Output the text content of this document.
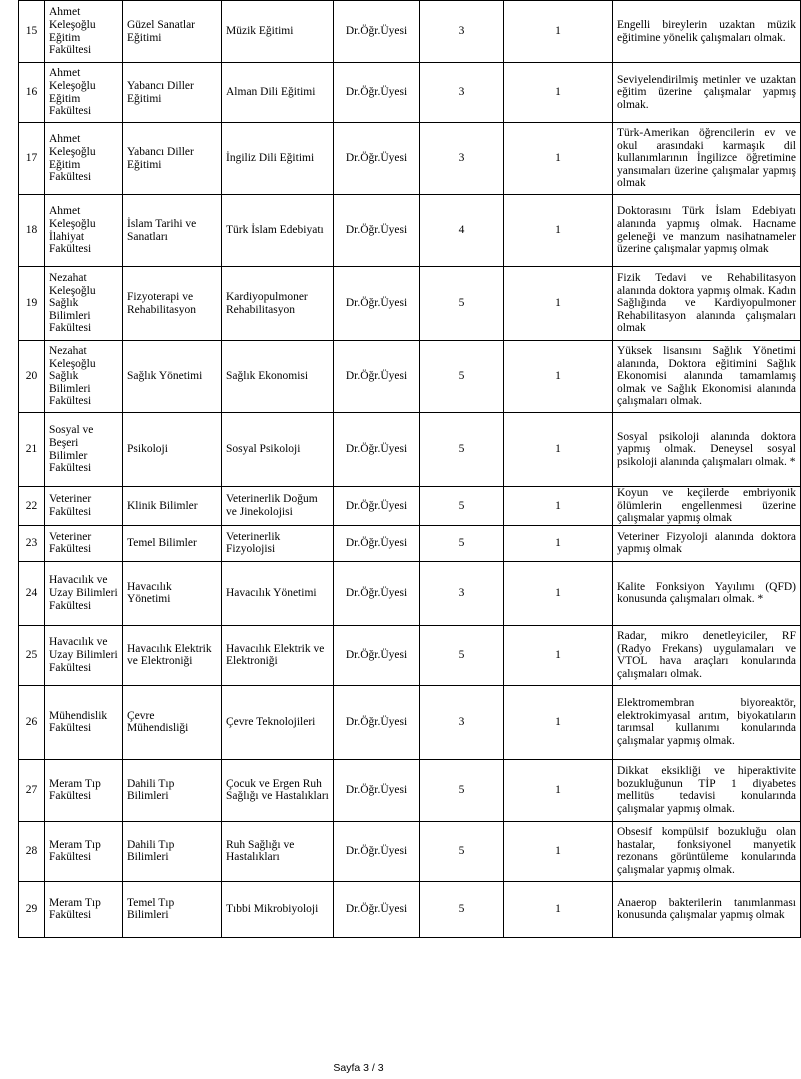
15	Ahmet Keleşoğlu Eğitim Fakültesi	Güzel Sanatlar Eğitimi	Müzik Eğitimi	Dr.Öğr.Üyesi	3	1	Engelli bireylerin uzaktan müzik eğitimine yönelik çalışmaları olmak.
16	Ahmet Keleşoğlu Eğitim Fakültesi	Yabancı Diller Eğitimi	Alman Dili Eğitimi	Dr.Öğr.Üyesi	3	1	Seviyelendirilmiş metinler ve uzaktan eğitim üzerine çalışmalar yapmış olmak.
17	Ahmet Keleşoğlu Eğitim Fakültesi	Yabancı Diller Eğitimi	İngiliz Dili Eğitimi	Dr.Öğr.Üyesi	3	1	Türk-Amerikan öğrencilerin ev ve okul arasındaki karmaşık dil kullanımlarının İngilizce öğretimine yansımaları üzerine çalışmalar yapmış olmak
18	Ahmet Keleşoğlu İlahiyat Fakültesi	İslam Tarihi ve Sanatları	Türk İslam Edebiyatı	Dr.Öğr.Üyesi	4	1	Doktorasını Türk İslam Edebiyatı alanında yapmış olmak. Hacname geleneği ve manzum nasihatnameler üzerine çalışmalar yapmış olmak
19	Nezahat Keleşoğlu Sağlık Bilimleri Fakültesi	Fizyoterapi ve Rehabilitasyon	Kardiyopulmoner Rehabilitasyon	Dr.Öğr.Üyesi	5	1	Fizik Tedavi ve Rehabilitasyon alanında doktora yapmış olmak. Kadın Sağlığında ve Kardiyopulmoner Rehabilitasyon alanında çalışmaları olmak
20	Nezahat Keleşoğlu Sağlık Bilimleri Fakültesi	Sağlık Yönetimi	Sağlık Ekonomisi	Dr.Öğr.Üyesi	5	1	Yüksek lisansını Sağlık Yönetimi alanında, Doktora eğitimini Sağlık Ekonomisi alanında tamamlamış olmak ve Sağlık Ekonomisi alanında çalışmaları olmak.
21	Sosyal ve Beşeri Bilimler Fakültesi	Psikoloji	Sosyal Psikoloji	Dr.Öğr.Üyesi	5	1	Sosyal psikoloji alanında doktora yapmış olmak. Deneysel sosyal psikoloji alanında çalışmaları olmak. *
22	Veteriner Fakültesi	Klinik Bilimler	Veterinerlik Doğum ve Jinekolojisi	Dr.Öğr.Üyesi	5	1	Koyun ve keçilerde embriyonik ölümlerin engellenmesi üzerine çalışmalar yapmış olmak
23	Veteriner Fakültesi	Temel Bilimler	Veterinerlik Fizyolojisi	Dr.Öğr.Üyesi	5	1	Veteriner Fizyoloji alanında doktora yapmış olmak
24	Havacılık ve Uzay Bilimleri Fakültesi	Havacılık Yönetimi	Havacılık Yönetimi	Dr.Öğr.Üyesi	3	1	Kalite Fonksiyon Yayılımı (QFD) konusunda çalışmaları olmak. *
25	Havacılık ve Uzay Bilimleri Fakültesi	Havacılık Elektrik ve Elektroniği	Havacılık Elektrik ve Elektroniği	Dr.Öğr.Üyesi	5	1	Radar, mikro denetleyiciler, RF (Radyo Frekans) uygulamaları ve VTOL hava araçları konularında çalışmaları olmak.
26	Mühendislik Fakültesi	Çevre Mühendisliği	Çevre Teknolojileri	Dr.Öğr.Üyesi	3	1	Elektromembran biyoreaktör, elektrokimyasal arıtım, biyokatıların tarımsal kullanımı konularında çalışmalar yapmış olmak.
27	Meram Tıp Fakültesi	Dahili Tıp Bilimleri	Çocuk ve Ergen Ruh Sağlığı ve Hastalıkları	Dr.Öğr.Üyesi	5	1	Dikkat eksikliği ve hiperaktivite bozukluğunun TİP 1 diyabetes mellitüs tedavisi konularında çalışmalar yapmış olmak.
28	Meram Tıp Fakültesi	Dahili Tıp Bilimleri	Ruh Sağlığı ve Hastalıkları	Dr.Öğr.Üyesi	5	1	Obsesif kompülsif bozukluğu olan hastalar, fonksiyonel manyetik rezonans görüntüleme konularında çalışmalar yapmış olmak.
29	Meram Tıp Fakültesi	Temel Tıp Bilimleri	Tıbbi Mikrobiyoloji	Dr.Öğr.Üyesi	5	1	Anaerop bakterilerin tanımlanması konusunda çalışmalar yapmış olmak
Sayfa 3 / 3
